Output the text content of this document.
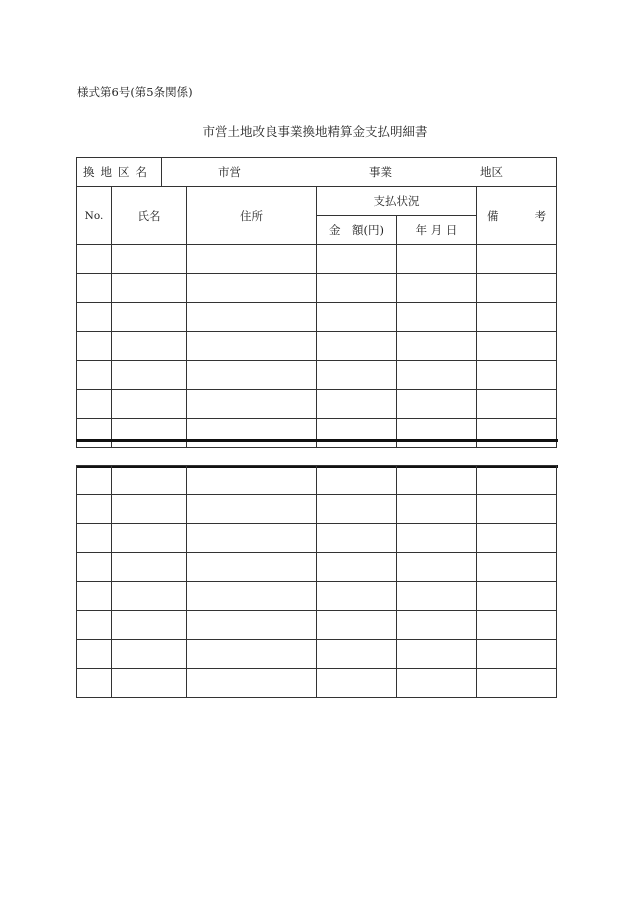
様式第6号(第5条関係)
市営土地改良事業換地精算金支払明細書
換地区名		市営 事業 地区				

No.	氏名		住所	支払状況		備 考

				金　額(円)	年 月 日	
